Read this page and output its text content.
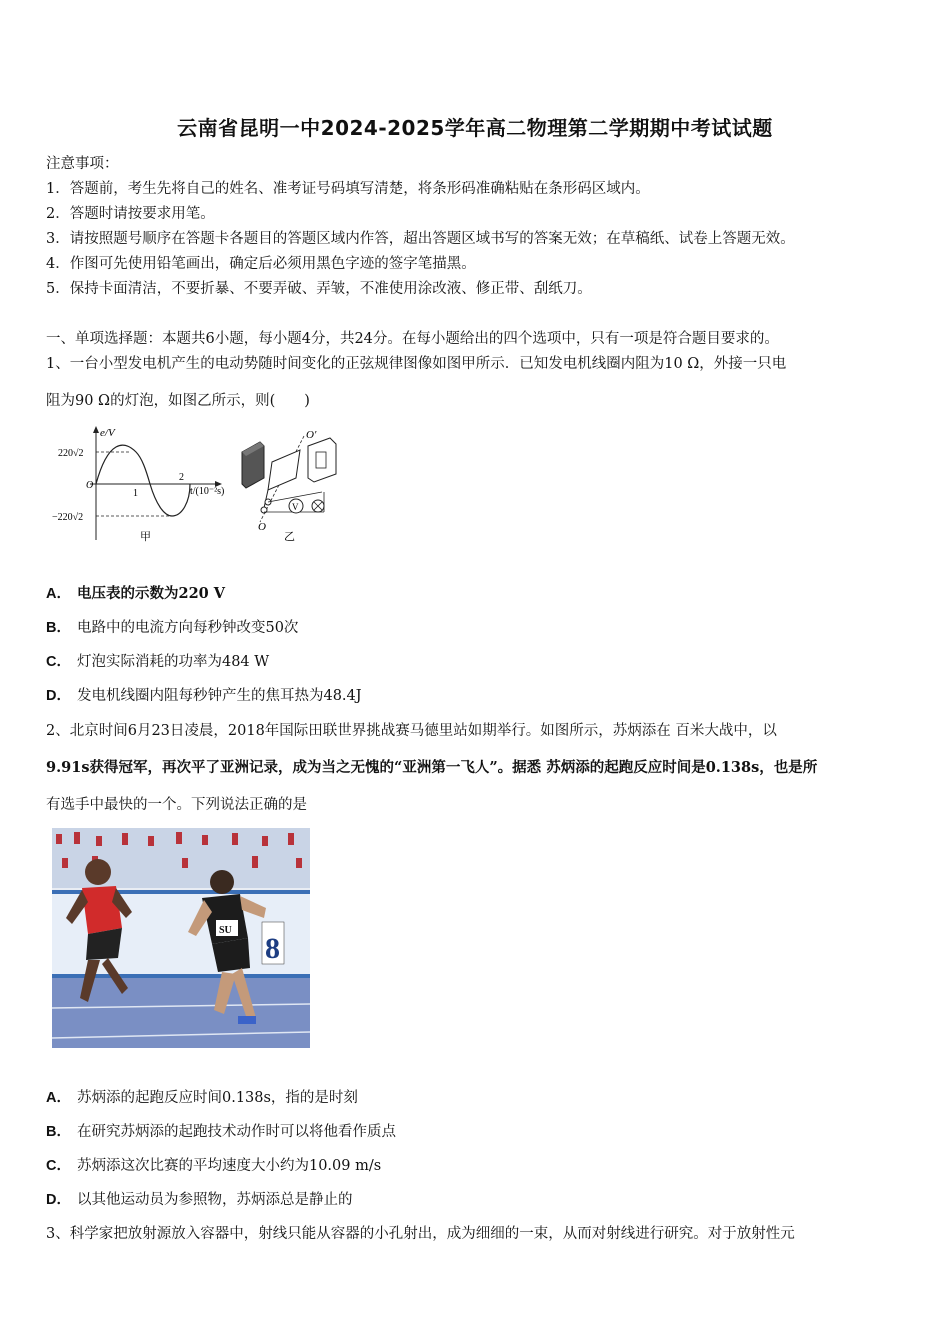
云南省昆明一中2024-2025学年高二物理第二学期期中考试试题
注意事项：
1．答题前，考生先将自己的姓名、准考证号码填写清楚，将条形码准确粘贴在条形码区域内。
2．答题时请按要求用笔。
3．请按照题号顺序在答题卡各题目的答题区域内作答，超出答题区域书写的答案无效；在草稿纸、试卷上答题无效。
4．作图可先使用铅笔画出，确定后必须用黑色字迹的签字笔描黑。
5．保持卡面清洁，不要折暴、不要弄破、弄皱，不准使用涂改液、修正带、刮纸刀。
一、单项选择题：本题共6小题，每小题4分，共24分。在每小题给出的四个选项中，只有一项是符合题目要求的。
1、一台小型发电机产生的电动势随时间变化的正弦规律图像如图甲所示．已知发电机线圈内阻为10 Ω，外接一只电
阻为90 Ω的灯泡，如图乙所示，则(　　)
e/V
220√2
−220√2
O
1
2
t/(10⁻²s)
甲
V
O′
O
乙
A． 电压表的示数为220 V
B． 电路中的电流方向每秒钟改变50次
C． 灯泡实际消耗的功率为484 W
D． 发电机线圈内阻每秒钟产生的焦耳热为48.4J
2、北京时间6月23日凌晨，2018年国际田联世界挑战赛马德里站如期举行。如图所示，苏炳添在 百米大战中，以
9.91s获得冠军，再次平了亚洲记录，成为当之无愧的“亚洲第一飞人”。据悉 苏炳添的起跑反应时间是0.138s，也是所
有选手中最快的一个。下列说法正确的是
8
SU
A． 苏炳添的起跑反应时间0.138s，指的是时刻
B． 在研究苏炳添的起跑技术动作时可以将他看作质点
C． 苏炳添这次比赛的平均速度大小约为10.09 m/s
D． 以其他运动员为参照物，苏炳添总是静止的
3、科学家把放射源放入容器中，射线只能从容器的小孔射出，成为细细的一束，从而对射线进行研究。对于放射性元
